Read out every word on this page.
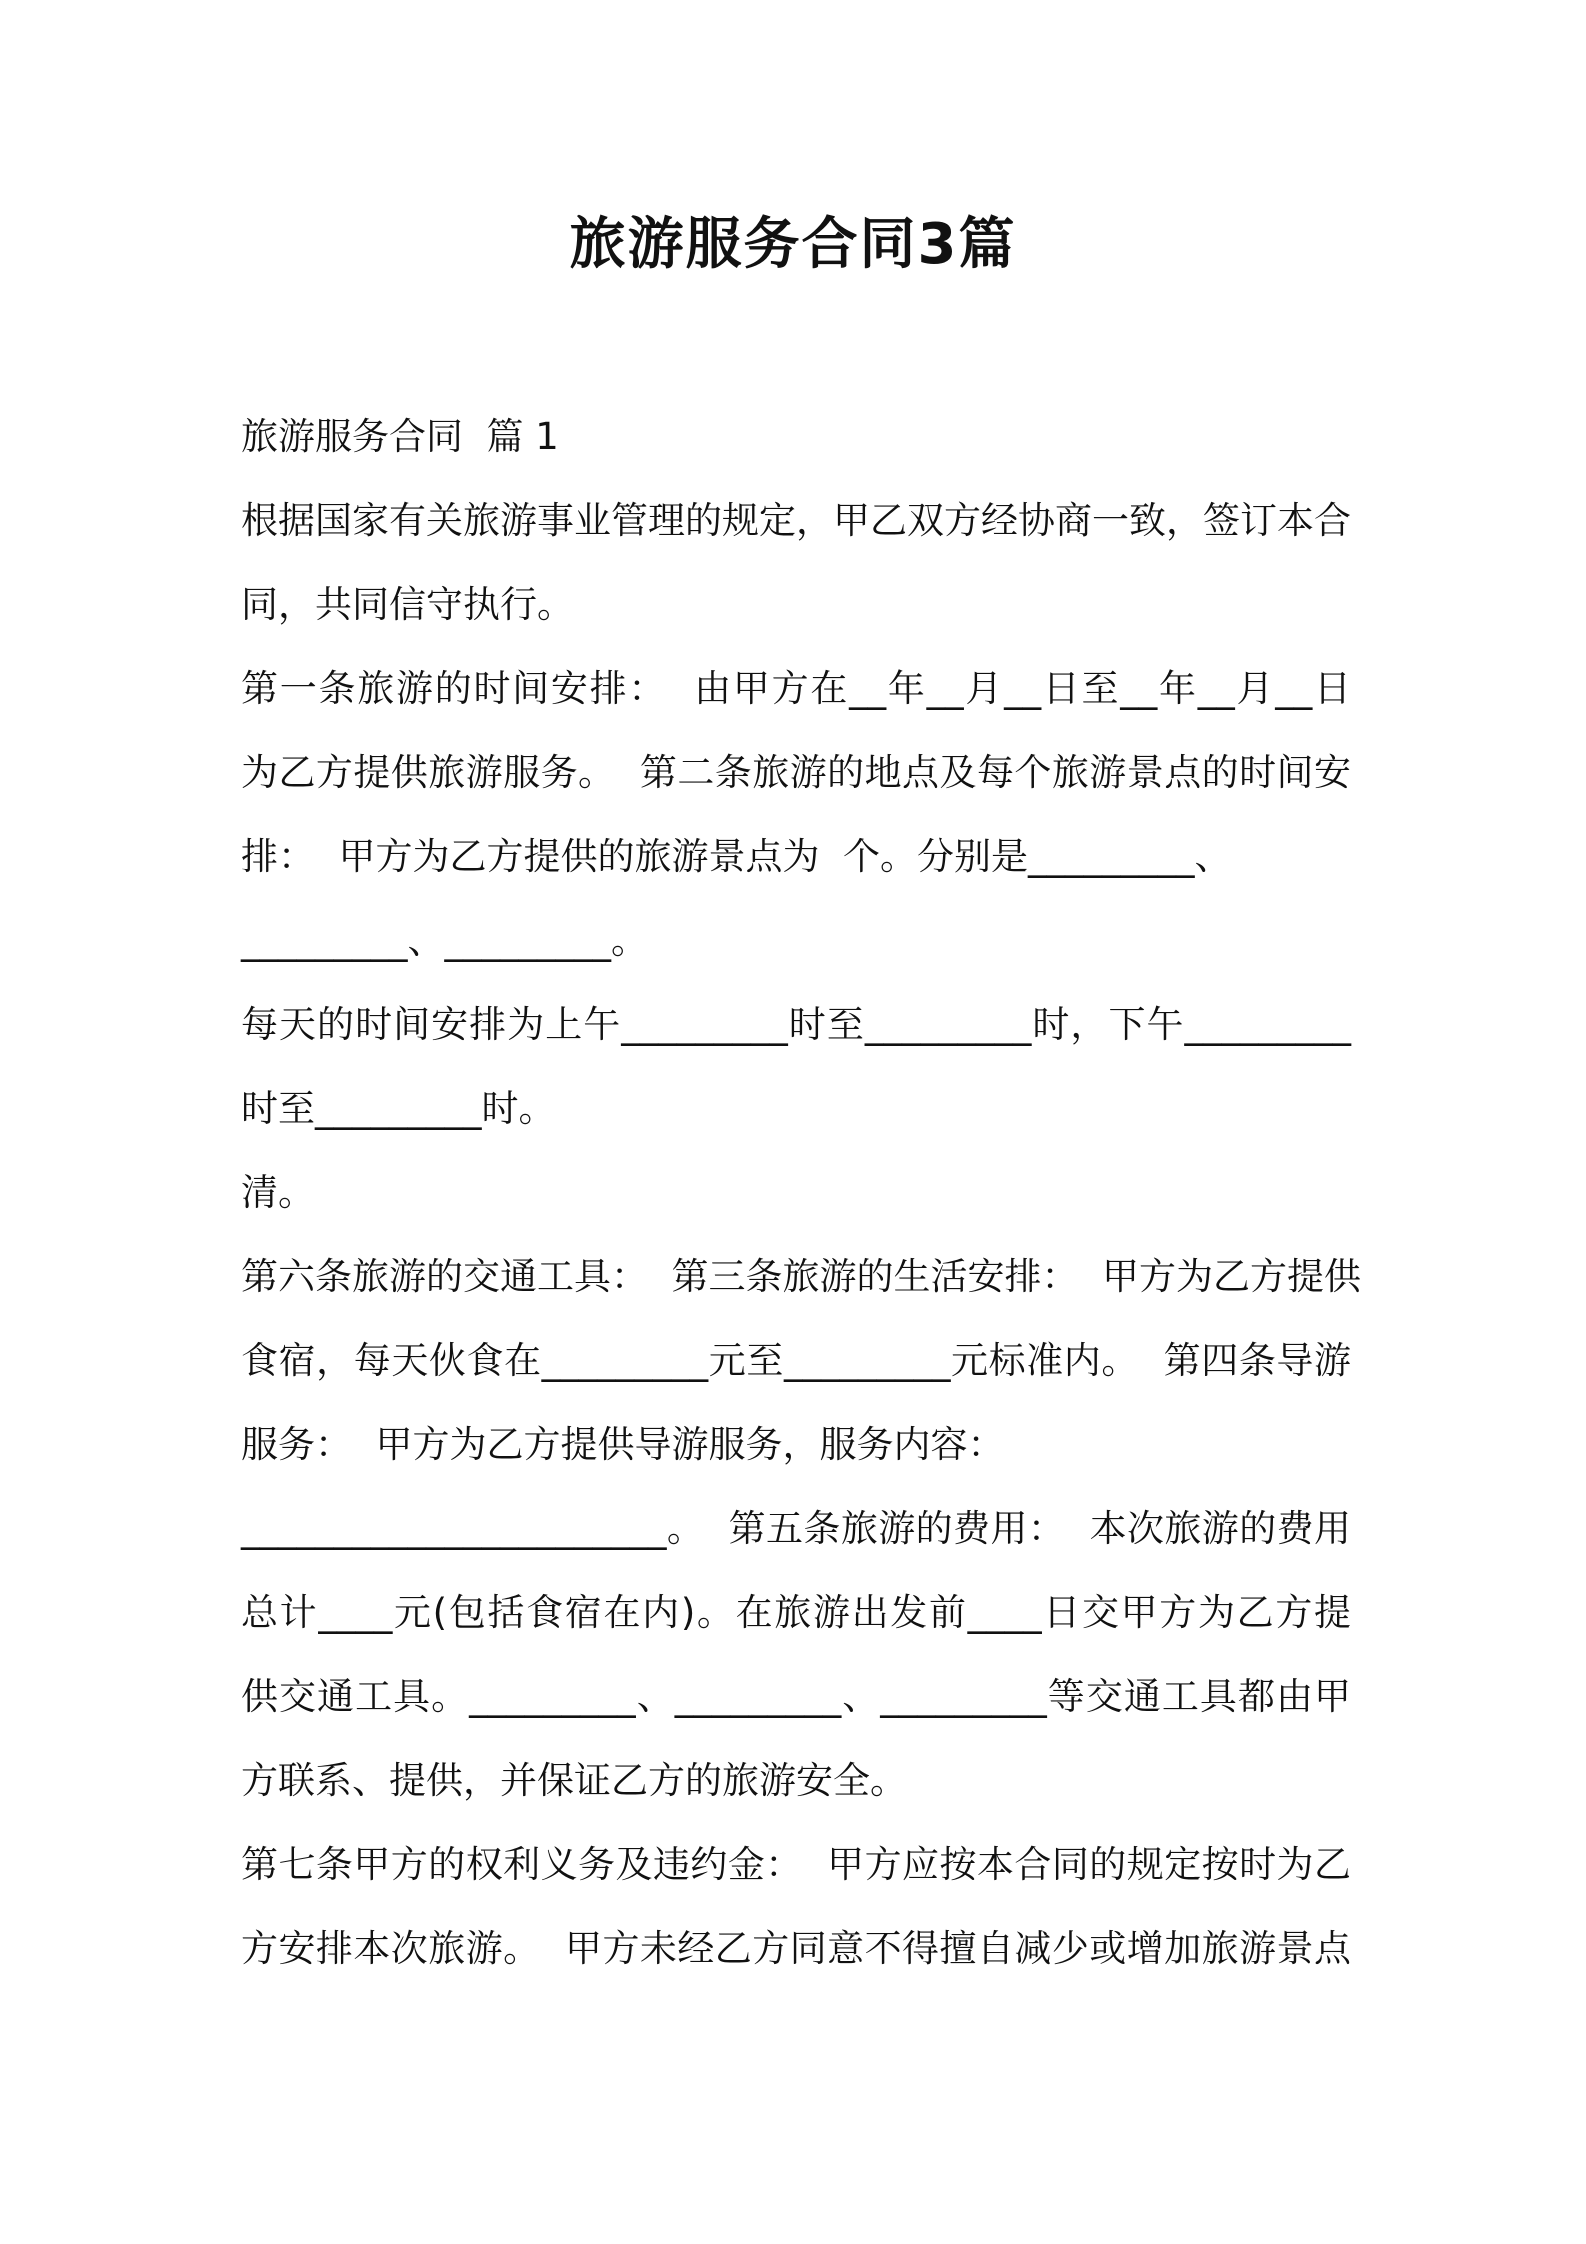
旅游服务合同3篇
旅游服务合同  篇 1
根据国家有关旅游事业管理的规定，甲乙双方经协商一致，签订本合
同，共同信守执行。
第一条旅游的时间安排：  由甲方在__年__月__日至__年__月__日
为乙方提供旅游服务。  第二条旅游的地点及每个旅游景点的时间安
排：  甲方为乙方提供的旅游景点为  个。分别是_________、
_________、_________。
每天的时间安排为上午_________时至_________时，下午_________
时至_________时。
清。
第六条旅游的交通工具：  第三条旅游的生活安排：  甲方为乙方提供
食宿，每天伙食在_________元至_________元标准内。  第四条导游
服务：  甲方为乙方提供导游服务，服务内容：
_______________________。  第五条旅游的费用：  本次旅游的费用
总计____元(包括食宿在内)。在旅游出发前____日交甲方为乙方提
供交通工具。_________、_________、_________等交通工具都由甲
方联系、提供，并保证乙方的旅游安全。
第七条甲方的权利义务及违约金：  甲方应按本合同的规定按时为乙
方安排本次旅游。  甲方未经乙方同意不得擅自减少或增加旅游景点
